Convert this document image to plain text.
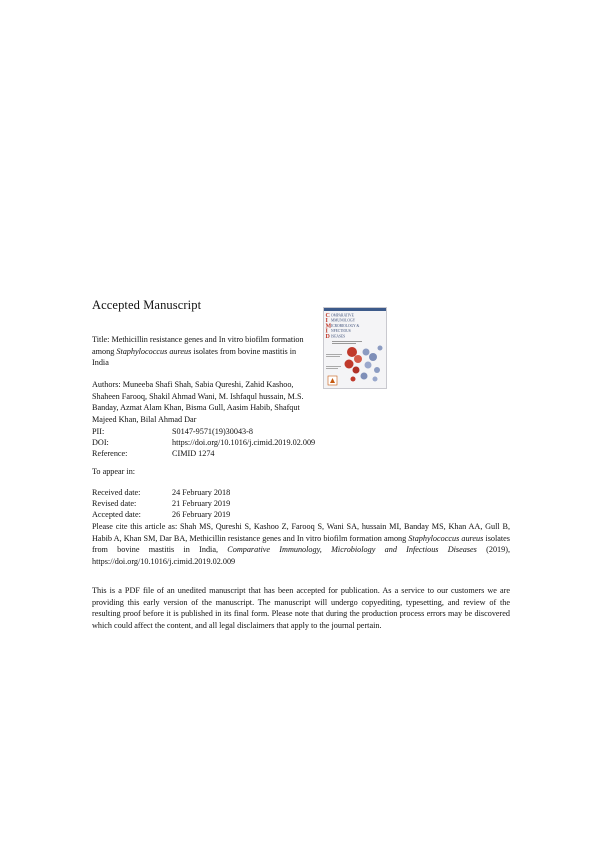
Accepted Manuscript
Title: Methicillin resistance genes and In vitro biofilm formation among Staphylococcus aureus isolates from bovine mastitis in India
Authors: Muneeba Shafi Shah, Sabia Qureshi, Zahid Kashoo, Shaheen Farooq, Shakil Ahmad Wani, M. Ishfaqul hussain, M.S. Banday, Azmat Alam Khan, Bisma Gull, Aasim Habib, Shafqut Majeed Khan, Bilal Ahmad Dar
PII:	S0147-9571(19)30043-8
DOI:	https://doi.org/10.1016/j.cimid.2019.02.009
Reference:	CIMID 1274
To appear in:
Received date:	24 February 2018
Revised date:	21 February 2019
Accepted date:	26 February 2019
Please cite this article as: Shah MS, Qureshi S, Kashoo Z, Farooq S, Wani SA, hussain MI, Banday MS, Khan AA, Gull B, Habib A, Khan SM, Dar BA, Methicillin resistance genes and In vitro biofilm formation among Staphylococcus aureus isolates from bovine mastitis in India, Comparative Immunology, Microbiology and Infectious Diseases (2019), https://doi.org/10.1016/j.cimid.2019.02.009
This is a PDF file of an unedited manuscript that has been accepted for publication. As a service to our customers we are providing this early version of the manuscript. The manuscript will undergo copyediting, typesetting, and review of the resulting proof before it is published in its final form. Please note that during the production process errors may be discovered which could affect the content, and all legal disclaimers that apply to the journal pertain.
C
I
M
I
D
OMPARATIVE
MMUNOLOGY
ICROBIOLOGY &
NFECTIOUS
ISEASES
